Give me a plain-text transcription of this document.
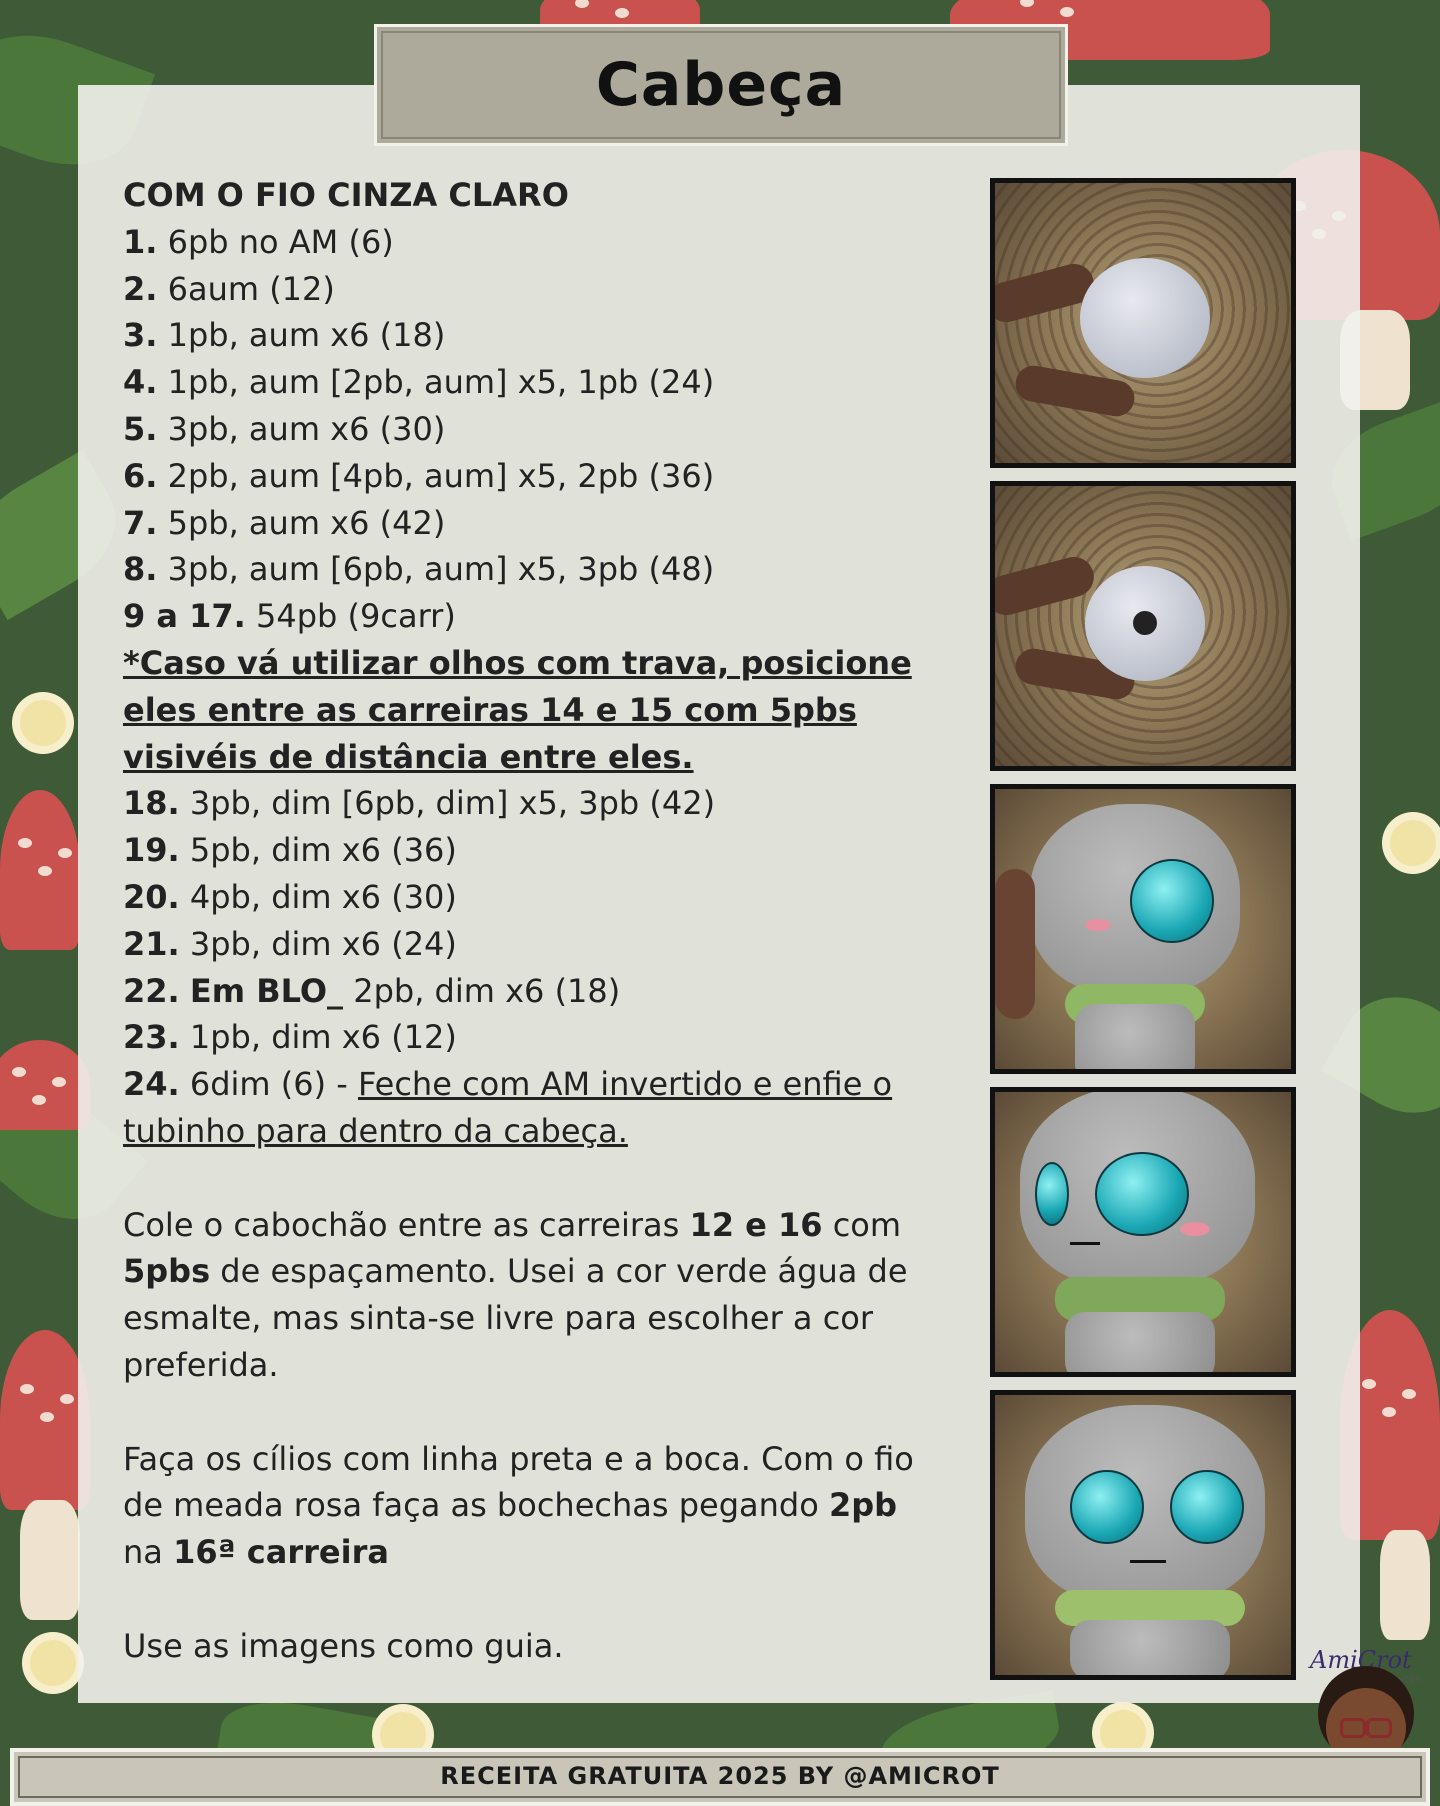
Cabeça
COM O FIO CINZA CLARO
1. 6pb no AM (6)
2. 6aum (12)
3. 1pb, aum x6 (18)
4. 1pb, aum [2pb, aum] x5, 1pb (24)
5. 3pb, aum x6 (30)
6. 2pb, aum [4pb, aum] x5, 2pb (36)
7. 5pb, aum x6 (42)
8. 3pb, aum [6pb, aum] x5, 3pb (48)
9 a 17. 54pb (9carr)
*Caso vá utilizar olhos com trava, posicione
eles entre as carreiras 14 e 15 com 5pbs
visivéis de distância entre eles.
18. 3pb, dim [6pb, dim] x5, 3pb (42)
19. 5pb, dim x6 (36)
20. 4pb, dim x6 (30)
21. 3pb, dim x6 (24)
22. Em BLO_ 2pb, dim x6 (18)
23. 1pb, dim x6 (12)
24. 6dim (6) - Feche com AM invertido e enfie o
tubinho para dentro da cabeça.
Cole o cabochão entre as carreiras 12 e 16 com
5pbs de espaçamento. Usei a cor verde água de
esmalte, mas sinta-se livre para escolher a cor
preferida.
Faça os cílios com linha preta e a boca. Com o fio
de meada rosa faça as bochechas pegando 2pb
na 16ª carreira
Use as imagens como guia.	AmiCrot
BY CORINA SANTOS
RECEITA GRATUITA 2025 BY @AMICROT
